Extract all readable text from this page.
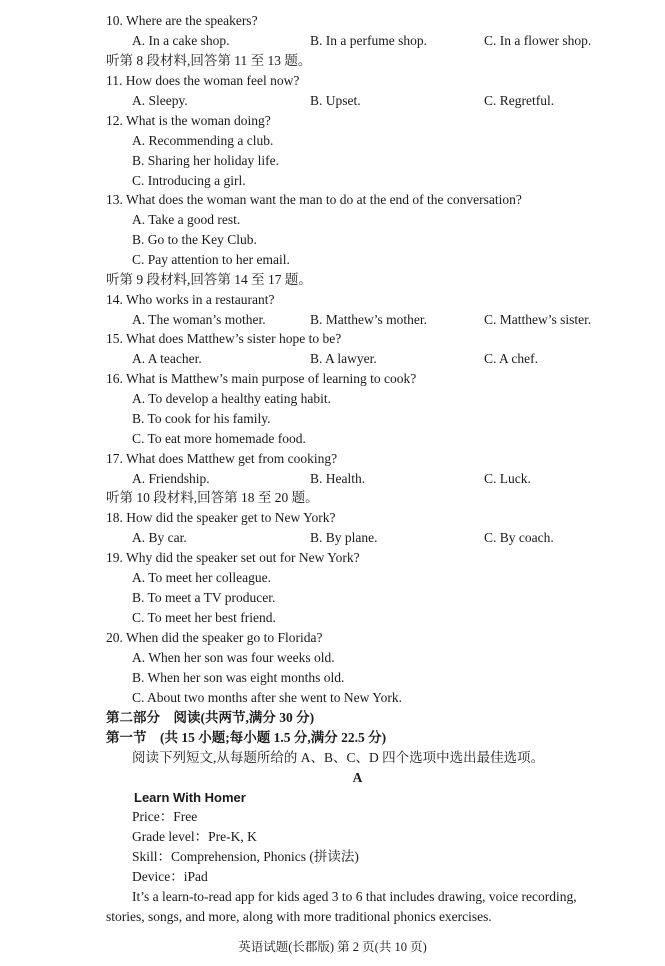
10. Where are the speakers?
A. In a cake shop.	B. In a perfume shop.	C. In a flower shop.
听第 8 段材料,回答第 11 至 13 题。
11. How does the woman feel now?
A. Sleepy.	B. Upset.	C. Regretful.
12. What is the woman doing?
A. Recommending a club.
B. Sharing her holiday life.
C. Introducing a girl.
13. What does the woman want the man to do at the end of the conversation?
A. Take a good rest.
B. Go to the Key Club.
C. Pay attention to her email.
听第 9 段材料,回答第 14 至 17 题。
14. Who works in a restaurant?
A. The woman’s mother.	B. Matthew’s mother.	C. Matthew’s sister.
15. What does Matthew’s sister hope to be?
A. A teacher.	B. A lawyer.	C. A chef.
16. What is Matthew’s main purpose of learning to cook?
A. To develop a healthy eating habit.
B. To cook for his family.
C. To eat more homemade food.
17. What does Matthew get from cooking?
A. Friendship.	B. Health.	C. Luck.
听第 10 段材料,回答第 18 至 20 题。
18. How did the speaker get to New York?
A. By car.	B. By plane.	C. By coach.
19. Why did the speaker set out for New York?
A. To meet her colleague.
B. To meet a TV producer.
C. To meet her best friend.
20. When did the speaker go to Florida?
A. When her son was four weeks old.
B. When her son was eight months old.
C. About two months after she went to New York.
第二部分　阅读(共两节,满分 30 分)
第一节　(共 15 小题;每小题 1.5 分,满分 22.5 分)
阅读下列短文,从每题所给的 A、B、C、D 四个选项中选出最佳选项。
A
Learn With Homer
Price：Free
Grade level：Pre-K, K
Skill：Comprehension, Phonics (拼读法)
Device：iPad
It’s a learn-to-read app for kids aged 3 to 6 that includes drawing, voice recording,
stories, songs, and more, along with more traditional phonics exercises.
英语试题(长郡版) 第 2 页(共 10 页)
